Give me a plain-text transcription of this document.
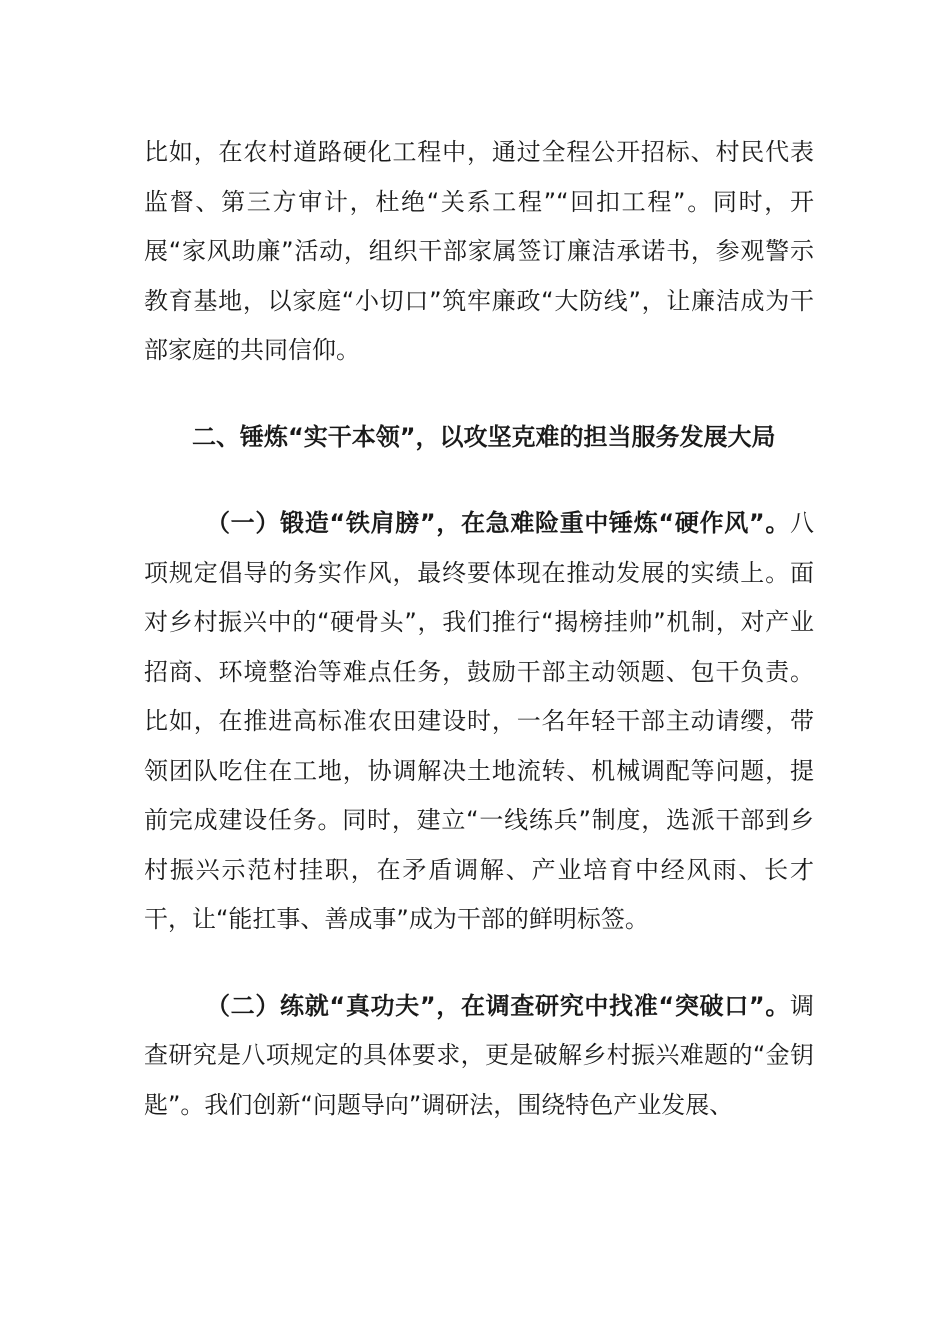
比如，在农村道路硬化工程中，通过全程公开招标、村民代表监督、第三方审计，杜绝“关系工程”“回扣工程”。同时，开展“家风助廉”活动，组织干部家属签订廉洁承诺书，参观警示教育基地，以家庭“小切口”筑牢廉政“大防线”，让廉洁成为干部家庭的共同信仰。

二、锤炼“实干本领”，以攻坚克难的担当服务发展大局

（一）锻造“铁肩膀”，在急难险重中锤炼“硬作风”。八项规定倡导的务实作风，最终要体现在推动发展的实绩上。面对乡村振兴中的“硬骨头”，我们推行“揭榜挂帅”机制，对产业招商、环境整治等难点任务，鼓励干部主动领题、包干负责。比如，在推进高标准农田建设时，一名年轻干部主动请缨，带领团队吃住在工地，协调解决土地流转、机械调配等问题，提前完成建设任务。同时，建立“一线练兵”制度，选派干部到乡村振兴示范村挂职，在矛盾调解、产业培育中经风雨、长才干，让“能扛事、善成事”成为干部的鲜明标签。

（二）练就“真功夫”，在调查研究中找准“突破口”。调查研究是八项规定的具体要求，更是破解乡村振兴难题的“金钥匙”。我们创新“问题导向”调研法，围绕特色产业发展、
